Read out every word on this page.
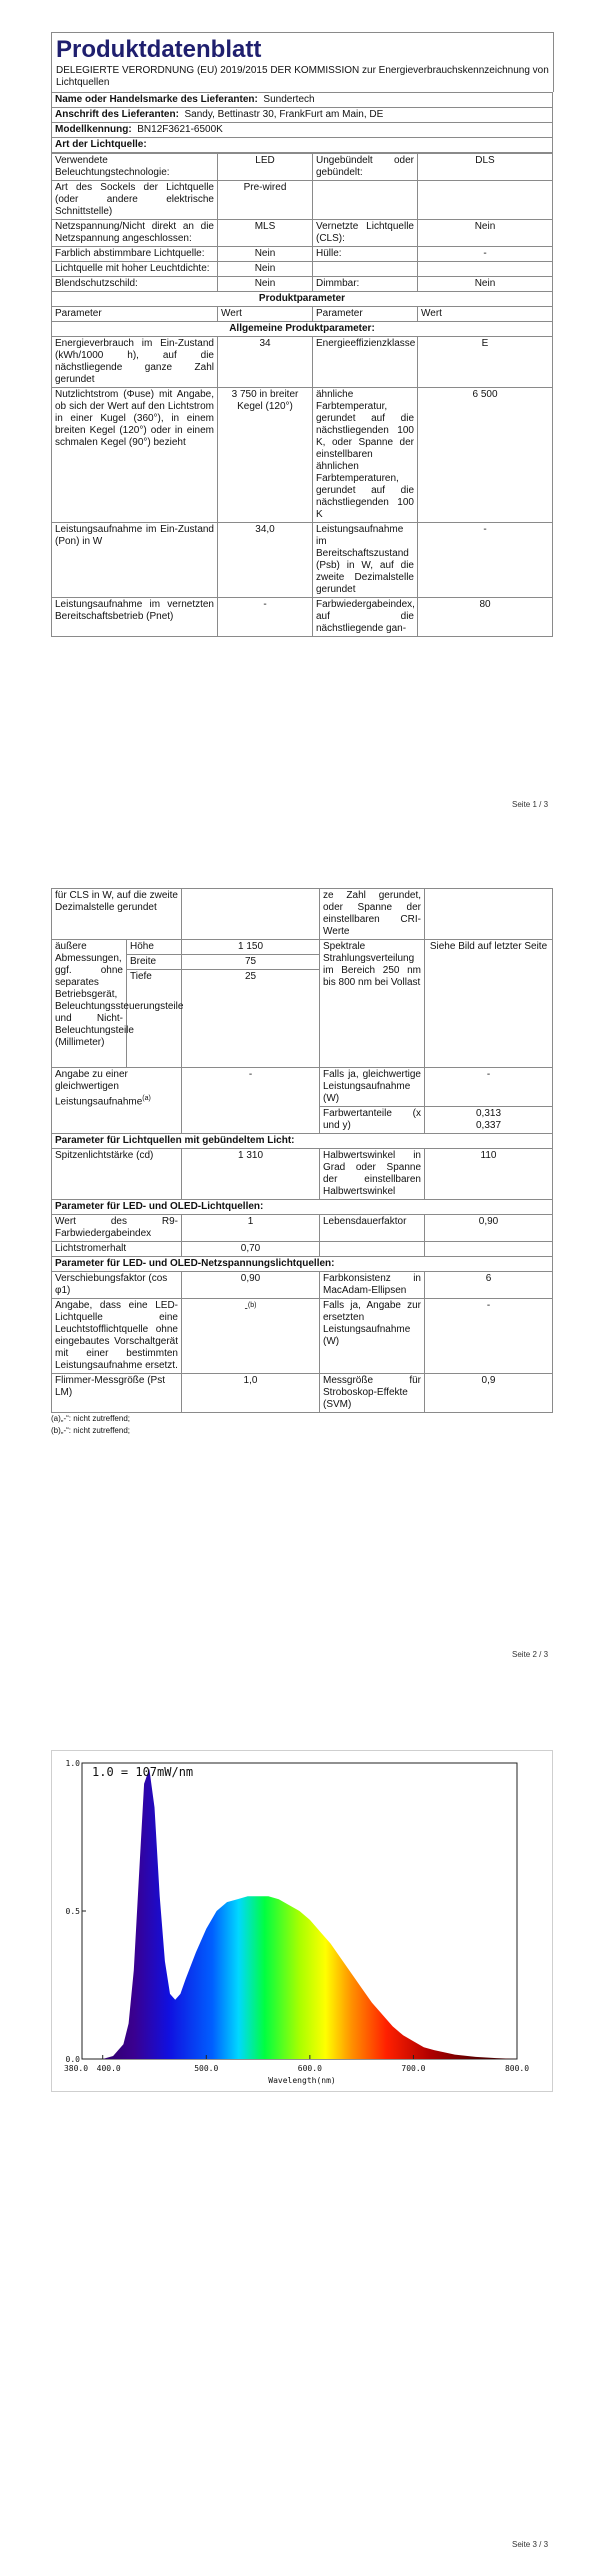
Produktdatenblatt
DELEGIERTE VERORDNUNG (EU) 2019/2015 DER KOMMISSION zur Energieverbrauchskennzeichnung von Lichtquellen
Name oder Handelsmarke des Lieferanten: Sundertech
Anschrift des Lieferanten: Sandy, Bettinastr 30, FrankFurt am Main, DE
Modellkennung: BN12F3621-6500K
Art der Lichtquelle:
Verwendete Beleuchtungstechnologie:	LED	Ungebündelt oder gebündelt:	DLS
Art des Sockels der Lichtquelle (oder andere elektrische Schnittstelle)	Pre-wired		
Netzspannung/Nicht direkt an die Netzspannung angeschlossen:	MLS	Vernetzte Lichtquelle (CLS):	Nein
Farblich abstimmbare Lichtquelle:	Nein	Hülle:	-
Lichtquelle mit hoher Leuchtdichte:	Nein		
Blendschutzschild:	Nein	Dimmbar:	Nein
Produktparameter			
Parameter	Wert	Parameter	Wert
Allgemeine Produktparameter:			
Energieverbrauch im Ein-Zustand (kWh/1000 h), auf die nächstliegende ganze Zahl gerundet	34	Energieeffizienzklasse	E
Nutzlichtstrom (Φuse) mit Angabe, ob sich der Wert auf den Lichtstrom in einer Kugel (360°), in einem breiten Kegel (120°) oder in einem schmalen Kegel (90°) bezieht	3 750 in breiter Kegel (120°)	ähnliche Farbtemperatur, gerundet auf die nächstliegenden 100 K, oder Spanne der einstellbaren ähnlichen Farbtemperaturen, gerundet auf die nächstliegenden 100 K	6 500
Leistungsaufnahme im Ein-Zustand (Pon) in W	34,0	Leistungsaufnahme im Bereitschaftszustand (Psb) in W, auf die zweite Dezimalstelle gerundet	-
Leistungsaufnahme im vernetzten Bereitschaftsbetrieb (Pnet)	-	Farbwiedergabeindex, auf die nächstliegende gan-	80
Seite 1 / 3
für CLS in W, auf die zweite Dezimalstelle gerundet			ze Zahl gerundet, oder Spanne der einstellbaren CRI-Werte	
äußere Abmessungen, ggf. ohne separates Betriebsgerät, Beleuchtungssteuerungsteile und Nicht-Beleuchtungsteile (Millimeter)	Höhe	1 150	Spektrale Strahlungsverteilung im Bereich 250 nm bis 800 nm bei Vollast	Siehe Bild auf letzter Seite
	Breite	75		
	Tiefe	25		
Angabe zu einer gleichwertigen Leistungsaufnahme$^{(a)}$		-	Falls ja, gleichwertige Leistungsaufnahme (W)	-
			Farbwertanteile (x und y)	0,313
0,337
Parameter für Lichtquellen mit gebündeltem Licht:				
Spitzenlichtstärke (cd)		1 310	Halbwertswinkel in Grad oder Spanne der einstellbaren Halbwertswinkel	110
Parameter für LED- und OLED-Lichtquellen:				
Wert des R9-Farbwiedergabeindex		1	Lebensdauerfaktor	0,90
Lichtstromerhalt		0,70		
Parameter für LED- und OLED-Netzspannungslichtquellen:				
Verschiebungsfaktor (cos φ1)		0,90	Farbkonsistenz in MacAdam-Ellipsen	6
Angabe, dass eine LED-Lichtquelle eine Leuchtstofflichtquelle ohne eingebautes Vorschaltgerät mit einer bestimmten Leistungsaufnahme ersetzt.		-$^{(b)}$	Falls ja, Angabe zur ersetzten Leistungsaufnahme (W)	-
Flimmer-Messgröße (Pst LM)		1,0	Messgröße für Stroboskop-Effekte (SVM)	0,9
(a)„-“: nicht zutreffend;
(b)„-“: nicht zutreffend;
Seite 2 / 3
380.0 400.0	500.0	600.0	700.0	800.0
0.0
0.5
1.0
1.0 = 107mW/nm
Wavelength(nm)
Seite 3 / 3
